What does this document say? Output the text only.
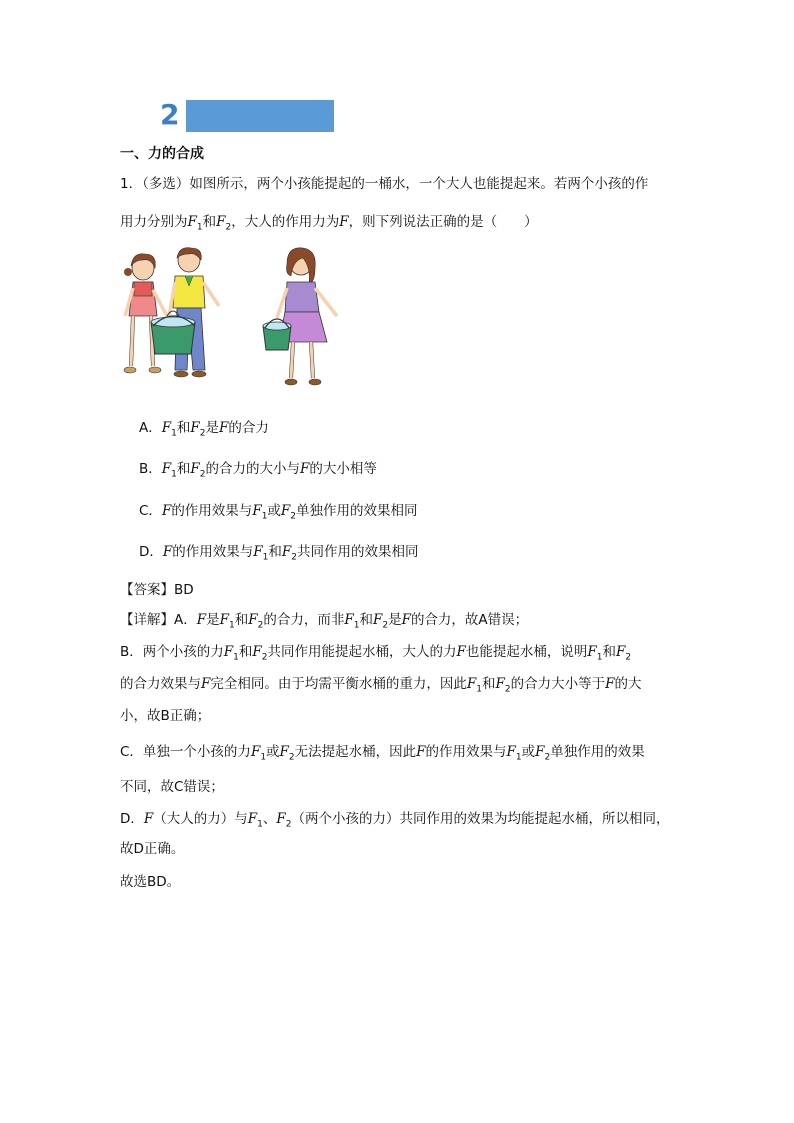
2
一、力的合成
1．（多选）如图所示，两个小孩能提起的一桶水，一个大人也能提起来。若两个小孩的作
用力分别为$F_1$和$F_2$，大人的作用力为F，则下列说法正确的是（　　）
A．$F_1$和$F_2$是F的合力
B．$F_1$和$F_2$的合力的大小与F的大小相等
C．F的作用效果与$F_1$或$F_2$单独作用的效果相同
D．F的作用效果与$F_1$和$F_2$共同作用的效果相同
【答案】BD
【详解】A．F是$F_1$和$F_2$的合力，而非$F_1$和$F_2$是F的合力，故A错误；
B．两个小孩的力$F_1$和$F_2$共同作用能提起水桶，大人的力F也能提起水桶，说明$F_1$和$F_2$
的合力效果与F完全相同。由于均需平衡水桶的重力，因此$F_1$和$F_2$的合力大小等于F的大
小，故B正确；
C．单独一个小孩的力$F_1$或$F_2$无法提起水桶，因此F的作用效果与$F_1$或$F_2$单独作用的效果
不同，故C错误；
D．F（大人的力）与$F_1$、$F_2$（两个小孩的力）共同作用的效果为均能提起水桶，所以相同，
故D正确。
故选BD。
